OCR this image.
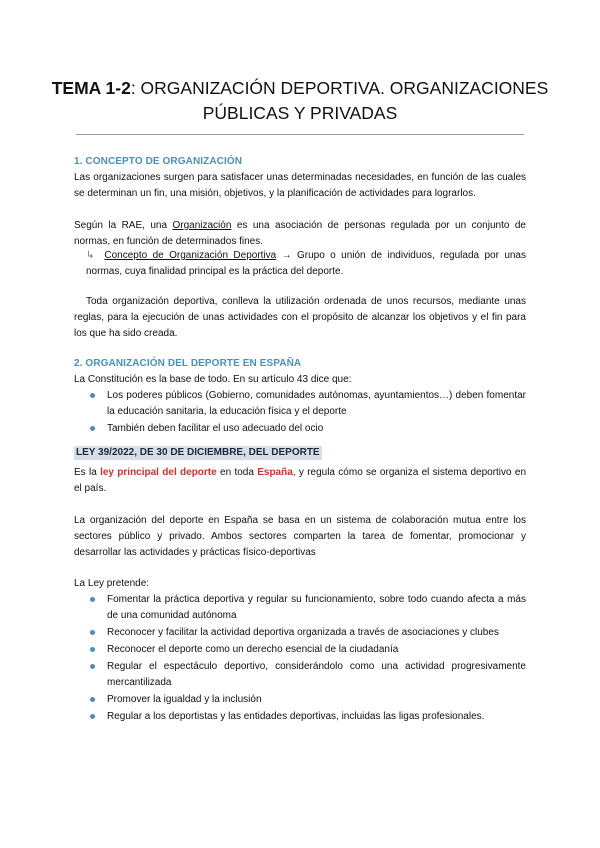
TEMA 1-2: ORGANIZACIÓN DEPORTIVA. ORGANIZACIONES
PÚBLICAS Y PRIVADAS
1. CONCEPTO DE ORGANIZACIÓN
Las organizaciones surgen para satisfacer unas determinadas necesidades, en función de las cuales se determinan un fin, una misión, objetivos, y la planificación de actividades para lograrlos.
Según la RAE, una Organización es una asociación de personas regulada por un conjunto de normas, en función de determinados fines.
↳ Concepto de Organización Deportiva → Grupo o unión de individuos, regulada por unas normas, cuya finalidad principal es la práctica del deporte.
Toda organización deportiva, conlleva la utilización ordenada de unos recursos, mediante unas reglas, para la ejecución de unas actividades con el propósito de alcanzar los objetivos y el fin para los que ha sido creada.
2. ORGANIZACIÓN DEL DEPORTE EN ESPAÑA
La Constitución es la base de todo. En su artículo 43 dice que:
Los poderes públicos (Gobierno, comunidades autónomas, ayuntamientos…) deben fomentar la educación sanitaria, la educación física y el deporte
También deben facilitar el uso adecuado del ocio
LEY 39/2022, DE 30 DE DICIEMBRE, DEL DEPORTE
Es la ley principal del deporte en toda España, y regula cómo se organiza el sistema deportivo en el país.
La organización del deporte en España se basa en un sistema de colaboración mutua entre los sectores público y privado. Ambos sectores comparten la tarea de fomentar, promocionar y desarrollar las actividades y prácticas físico-deportivas
La Ley pretende:
Fomentar la práctica deportiva y regular su funcionamiento, sobre todo cuando afecta a más de una comunidad autónoma
Reconocer y facilitar la actividad deportiva organizada a través de asociaciones y clubes
Reconocer el deporte como un derecho esencial de la ciudadanía
Regular el espectáculo deportivo, considerándolo como una actividad progresivamente mercantilizada
Promover la igualdad y la inclusión
Regular a los deportistas y las entidades deportivas, incluidas las ligas profesionales.
